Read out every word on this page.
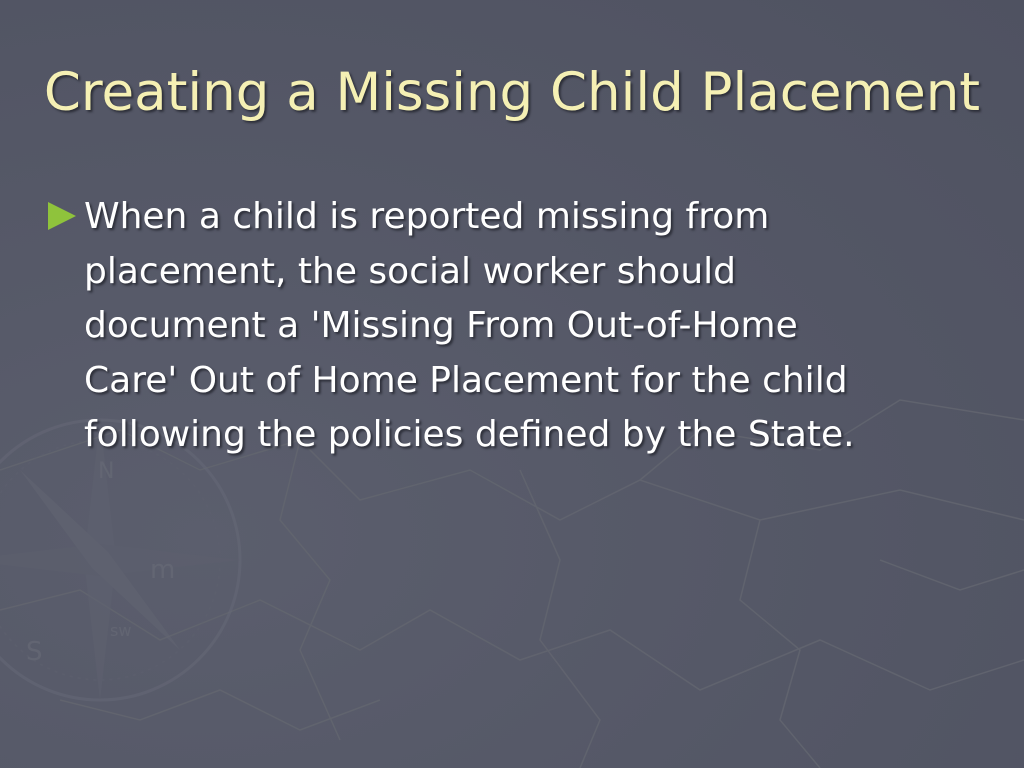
N
S
m
sw
Creating a Missing Child Placement
When a child is reported missing from
placement, the social worker should
document a 'Missing From Out-of-Home
Care' Out of Home Placement for the child
following the policies defined by the State.
